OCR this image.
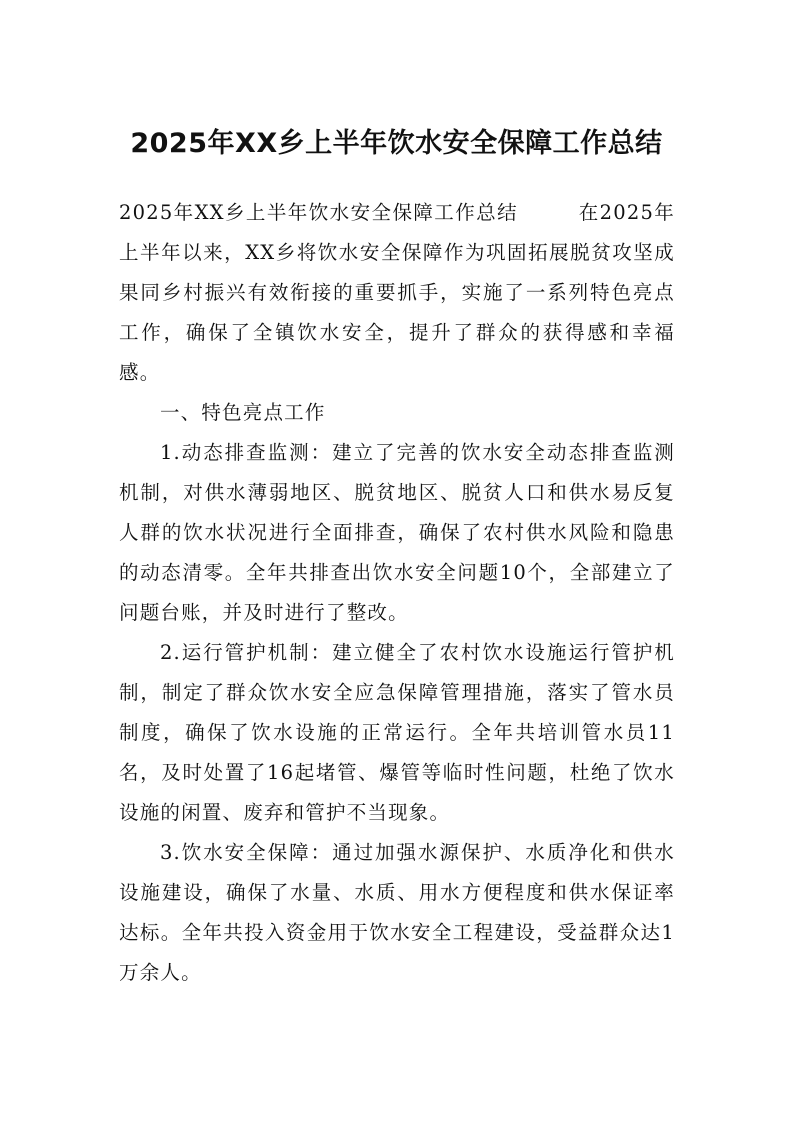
2025年XX乡上半年饮水安全保障工作总结

2025年XX乡上半年饮水安全保障工作总结	在2025年上半年以来，XX乡将饮水安全保障作为巩固拓展脱贫攻坚成果同乡村振兴有效衔接的重要抓手，实施了一系列特色亮点工作，确保了全镇饮水安全，提升了群众的获得感和幸福感。

一、特色亮点工作

1.动态排查监测：建立了完善的饮水安全动态排查监测机制，对供水薄弱地区、脱贫地区、脱贫人口和供水易反复人群的饮水状况进行全面排查，确保了农村供水风险和隐患的动态清零。全年共排查出饮水安全问题10个，全部建立了问题台账，并及时进行了整改。

2.运行管护机制：建立健全了农村饮水设施运行管护机制，制定了群众饮水安全应急保障管理措施，落实了管水员制度，确保了饮水设施的正常运行。全年共培训管水员11名，及时处置了16起堵管、爆管等临时性问题，杜绝了饮水设施的闲置、废弃和管护不当现象。

3.饮水安全保障：通过加强水源保护、水质净化和供水设施建设，确保了水量、水质、用水方便程度和供水保证率达标。全年共投入资金用于饮水安全工程建设，受益群众达1万余人。
